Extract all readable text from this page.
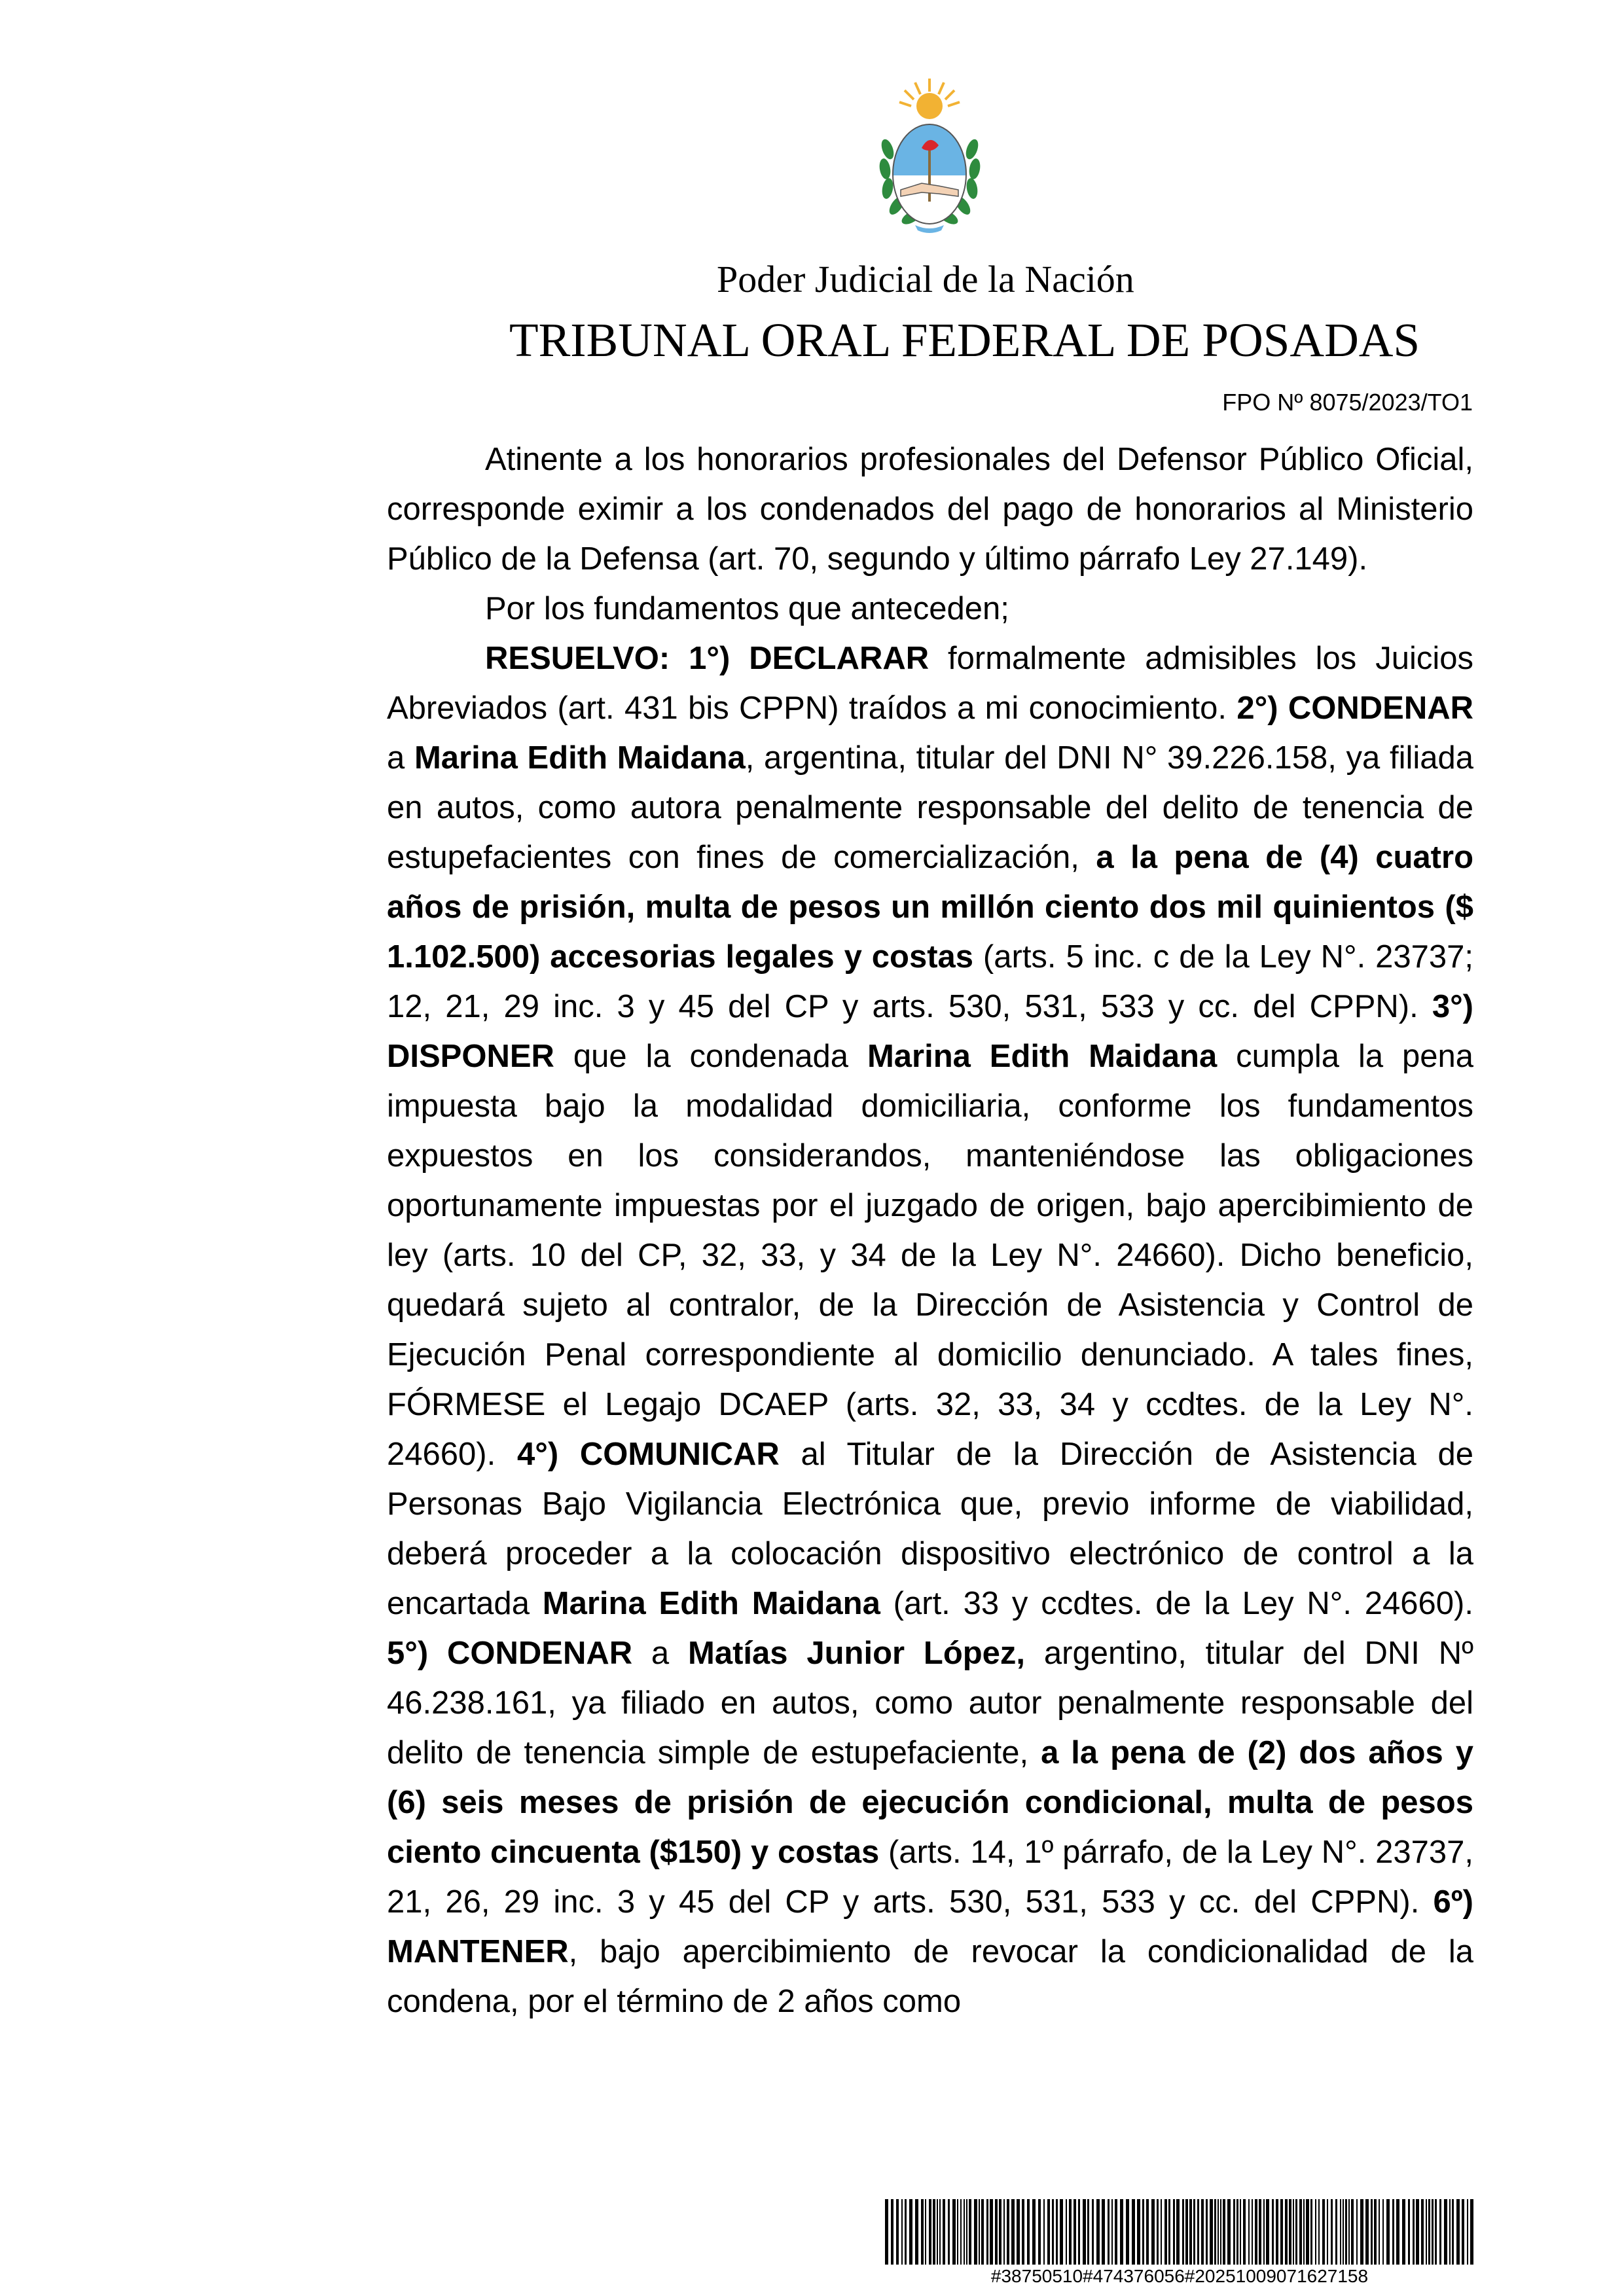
Poder Judicial de la Nación
TRIBUNAL ORAL FEDERAL DE POSADAS
FPO Nº 8075/2023/TO1

Atinente a los honorarios profesionales del Defensor Público Oficial, corresponde eximir a los condenados del pago de honorarios al Ministerio Público de la Defensa (art. 70, segundo y último párrafo Ley 27.149).

Por los fundamentos que anteceden;

RESUELVO: 1°) DECLARAR formalmente admisibles los Juicios Abreviados (art. 431 bis CPPN) traídos a mi conocimiento. 2°) CONDENAR a Marina Edith Maidana, argentina, titular del DNI N° 39.226.158, ya filiada en autos, como autora penalmente responsable del delito de tenencia de estupefacientes con fines de comercialización, a la pena de (4) cuatro años de prisión, multa de pesos un millón ciento dos mil quinientos ($ 1.102.500) accesorias legales y costas (arts. 5 inc. c de la Ley N°. 23737; 12, 21, 29 inc. 3 y 45 del CP y arts. 530, 531, 533 y cc. del CPPN). 3°) DISPONER que la condenada Marina Edith Maidana cumpla la pena impuesta bajo la modalidad domiciliaria, conforme los fundamentos expuestos en los considerandos, manteniéndose las obligaciones oportunamente impuestas por el juzgado de origen, bajo apercibimiento de ley (arts. 10 del CP, 32, 33, y 34 de la Ley N°. 24660). Dicho beneficio, quedará sujeto al contralor, de la Dirección de Asistencia y Control de Ejecución Penal correspondiente al domicilio denunciado. A tales fines, FÓRMESE el Legajo DCAEP (arts. 32, 33, 34 y ccdtes. de la Ley N°. 24660). 4°) COMUNICAR al Titular de la Dirección de Asistencia de Personas Bajo Vigilancia Electrónica que, previo informe de viabilidad, deberá proceder a la colocación dispositivo electrónico de control a la encartada Marina Edith Maidana (art. 33 y ccdtes. de la Ley N°. 24660). 5°) CONDENAR a Matías Junior López, argentino, titular del DNI Nº 46.238.161, ya filiado en autos, como autor penalmente responsable del delito de tenencia simple de estupefaciente, a la pena de (2) dos años y (6) seis meses de prisión de ejecución condicional, multa de pesos ciento cincuenta ($150) y costas (arts. 14, 1º párrafo, de la Ley N°. 23737, 21, 26, 29 inc. 3 y 45 del CP y arts. 530, 531, 533 y cc. del CPPN). 6º) MANTENER, bajo apercibimiento de revocar la condicionalidad de la condena, por el término de 2 años como

#38750510#474376056#20251009071627158
